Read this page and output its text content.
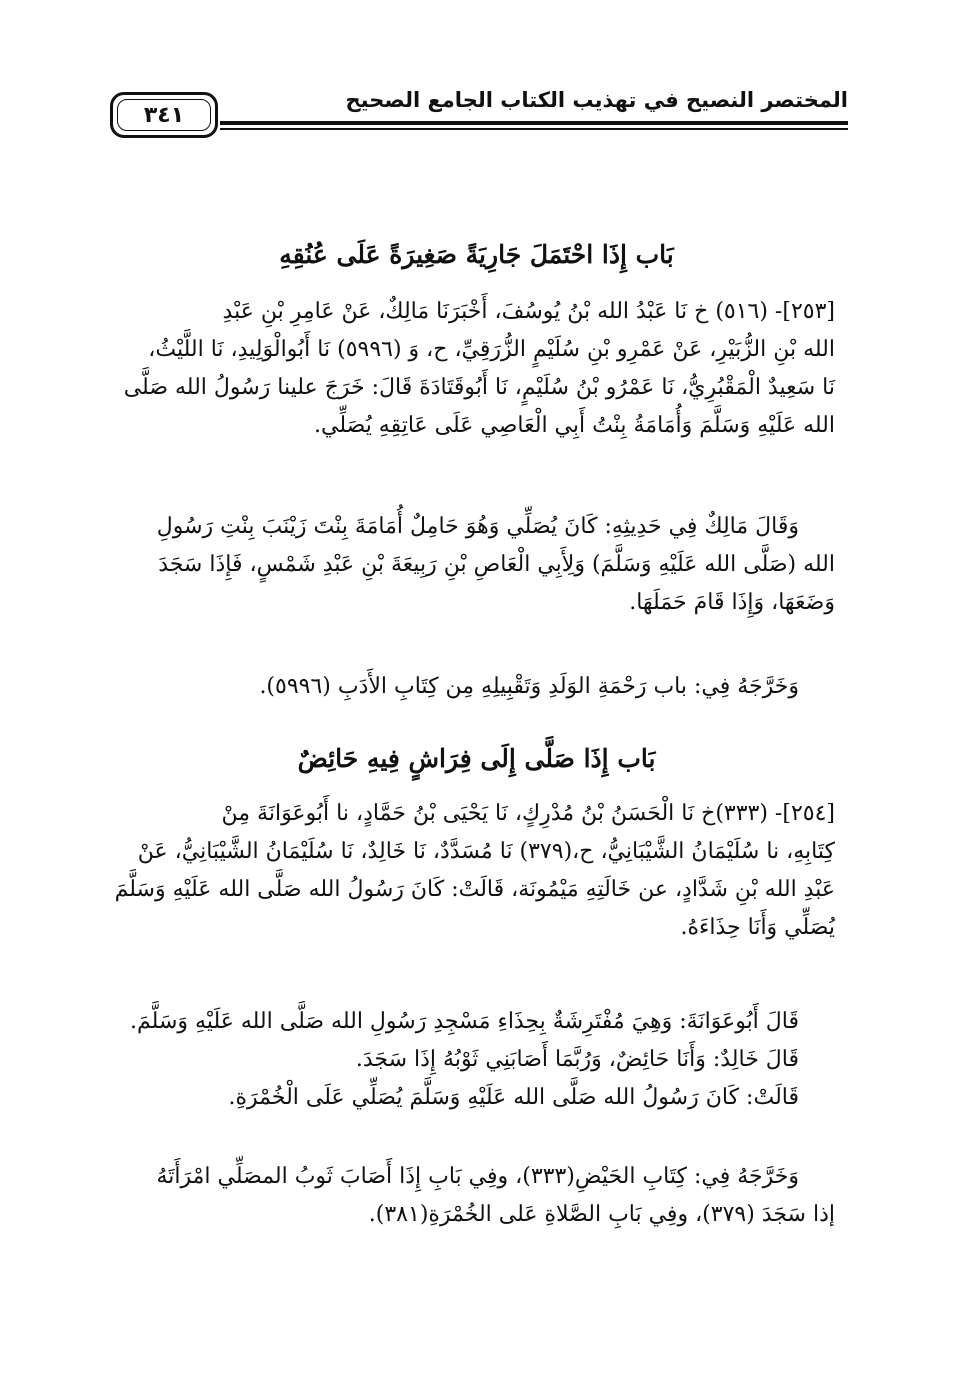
المختصر النصيح في تهذيب الكتاب الجامع الصحيح
٣٤١
بَاب إِذَا احْتَمَلَ جَارِيَةً صَغِيرَةً عَلَى عُنُقِهِ

[٢٥٣]- (٥١٦) خ نَا عَبْدُ الله بْنُ يُوسُفَ، أَخْبَرَنَا مَالِكٌ، عَنْ عَامِرِ بْنِ عَبْدِ

الله بْنِ الزُّبَيْرِ، عَنْ عَمْرِو بْنِ سُلَيْمٍ الزُّرَقِيِّ، ح، وَ (٥٩٩٦) نَا أَبُوالْوَلِيدِ، نَا اللَّيْثُ،

نَا سَعِيدٌ الْمَقْبُرِيُّ، نَا عَمْرُو بْنُ سُلَيْمٍ، نَا أَبُوقَتَادَةَ قَالَ: خَرَجَ علينا رَسُولُ الله صَلَّى

الله عَلَيْهِ وَسَلَّمَ وَأُمَامَةُ بِنْتُ أَبِي الْعَاصِي عَلَى عَاتِقِهِ يُصَلِّي.

وَقَالَ مَالِكٌ فِي حَدِيثِهِ: كَانَ يُصَلِّي وَهُوَ حَامِلٌ أُمَامَةَ بِنْتَ زَيْنَبَ بِنْتِ رَسُولِ

الله (صَلَّى الله عَلَيْهِ وَسَلَّمَ) وَلِأَبِي الْعَاصِ بْنِ رَبِيعَةَ بْنِ عَبْدِ شَمْسٍ، فَإِذَا سَجَدَ

وَضَعَهَا، وَإِذَا قَامَ حَمَلَهَا.

وَخَرَّجَهُ فِي: باب رَحْمَةِ الوَلَدِ وَتَقْبِيلِهِ مِن كِتَابِ الأَدَبِ (٥٩٩٦).

بَاب إِذَا صَلَّى إِلَى فِرَاشٍ فِيهِ حَائِضٌ

[٢٥٤]- (٣٣٣)خ نَا الْحَسَنُ بْنُ مُدْرِكٍ، نَا يَحْيَى بْنُ حَمَّادٍ، نا أَبُوعَوَانَةَ مِنْ

كِتَابِهِ، نا سُلَيْمَانُ الشَّيْبَانِيُّ، ح،(٣٧٩) نَا مُسَدَّدٌ، نَا خَالِدٌ، نَا سُلَيْمَانُ الشَّيْبَانِيُّ، عَنْ

عَبْدِ الله بْنِ شَدَّادٍ، عن خَالَتِهِ مَيْمُونَة، قَالَتْ: كَانَ رَسُولُ الله صَلَّى الله عَلَيْهِ وَسَلَّمَ

يُصَلِّي وَأَنَا حِذَاءَهُ.

قَالَ أَبُوعَوَانَةَ: وَهِيَ مُفْتَرِشَةٌ بِحِذَاءِ مَسْجِدِ رَسُولِ الله صَلَّى الله عَلَيْهِ وَسَلَّمَ.

قَالَ خَالِدٌ: وَأَنَا حَائِضٌ، وَرُبَّمَا أَصَابَنِي ثَوْبُهُ إِذَا سَجَدَ.

قَالَتْ: كَانَ رَسُولُ الله صَلَّى الله عَلَيْهِ وَسَلَّمَ يُصَلِّي عَلَى الْخُمْرَةِ.

وَخَرَّجَهُ فِي: كِتَابِ الحَيْضِ(٣٣٣)، وفِي بَابِ إِذَا أَصَابَ ثَوبُ المصَلِّي امْرَأَتَهُ

إذا سَجَدَ (٣٧٩)، وفِي بَابِ الصَّلاةِ عَلى الخُمْرَةِ(٣٨١).
